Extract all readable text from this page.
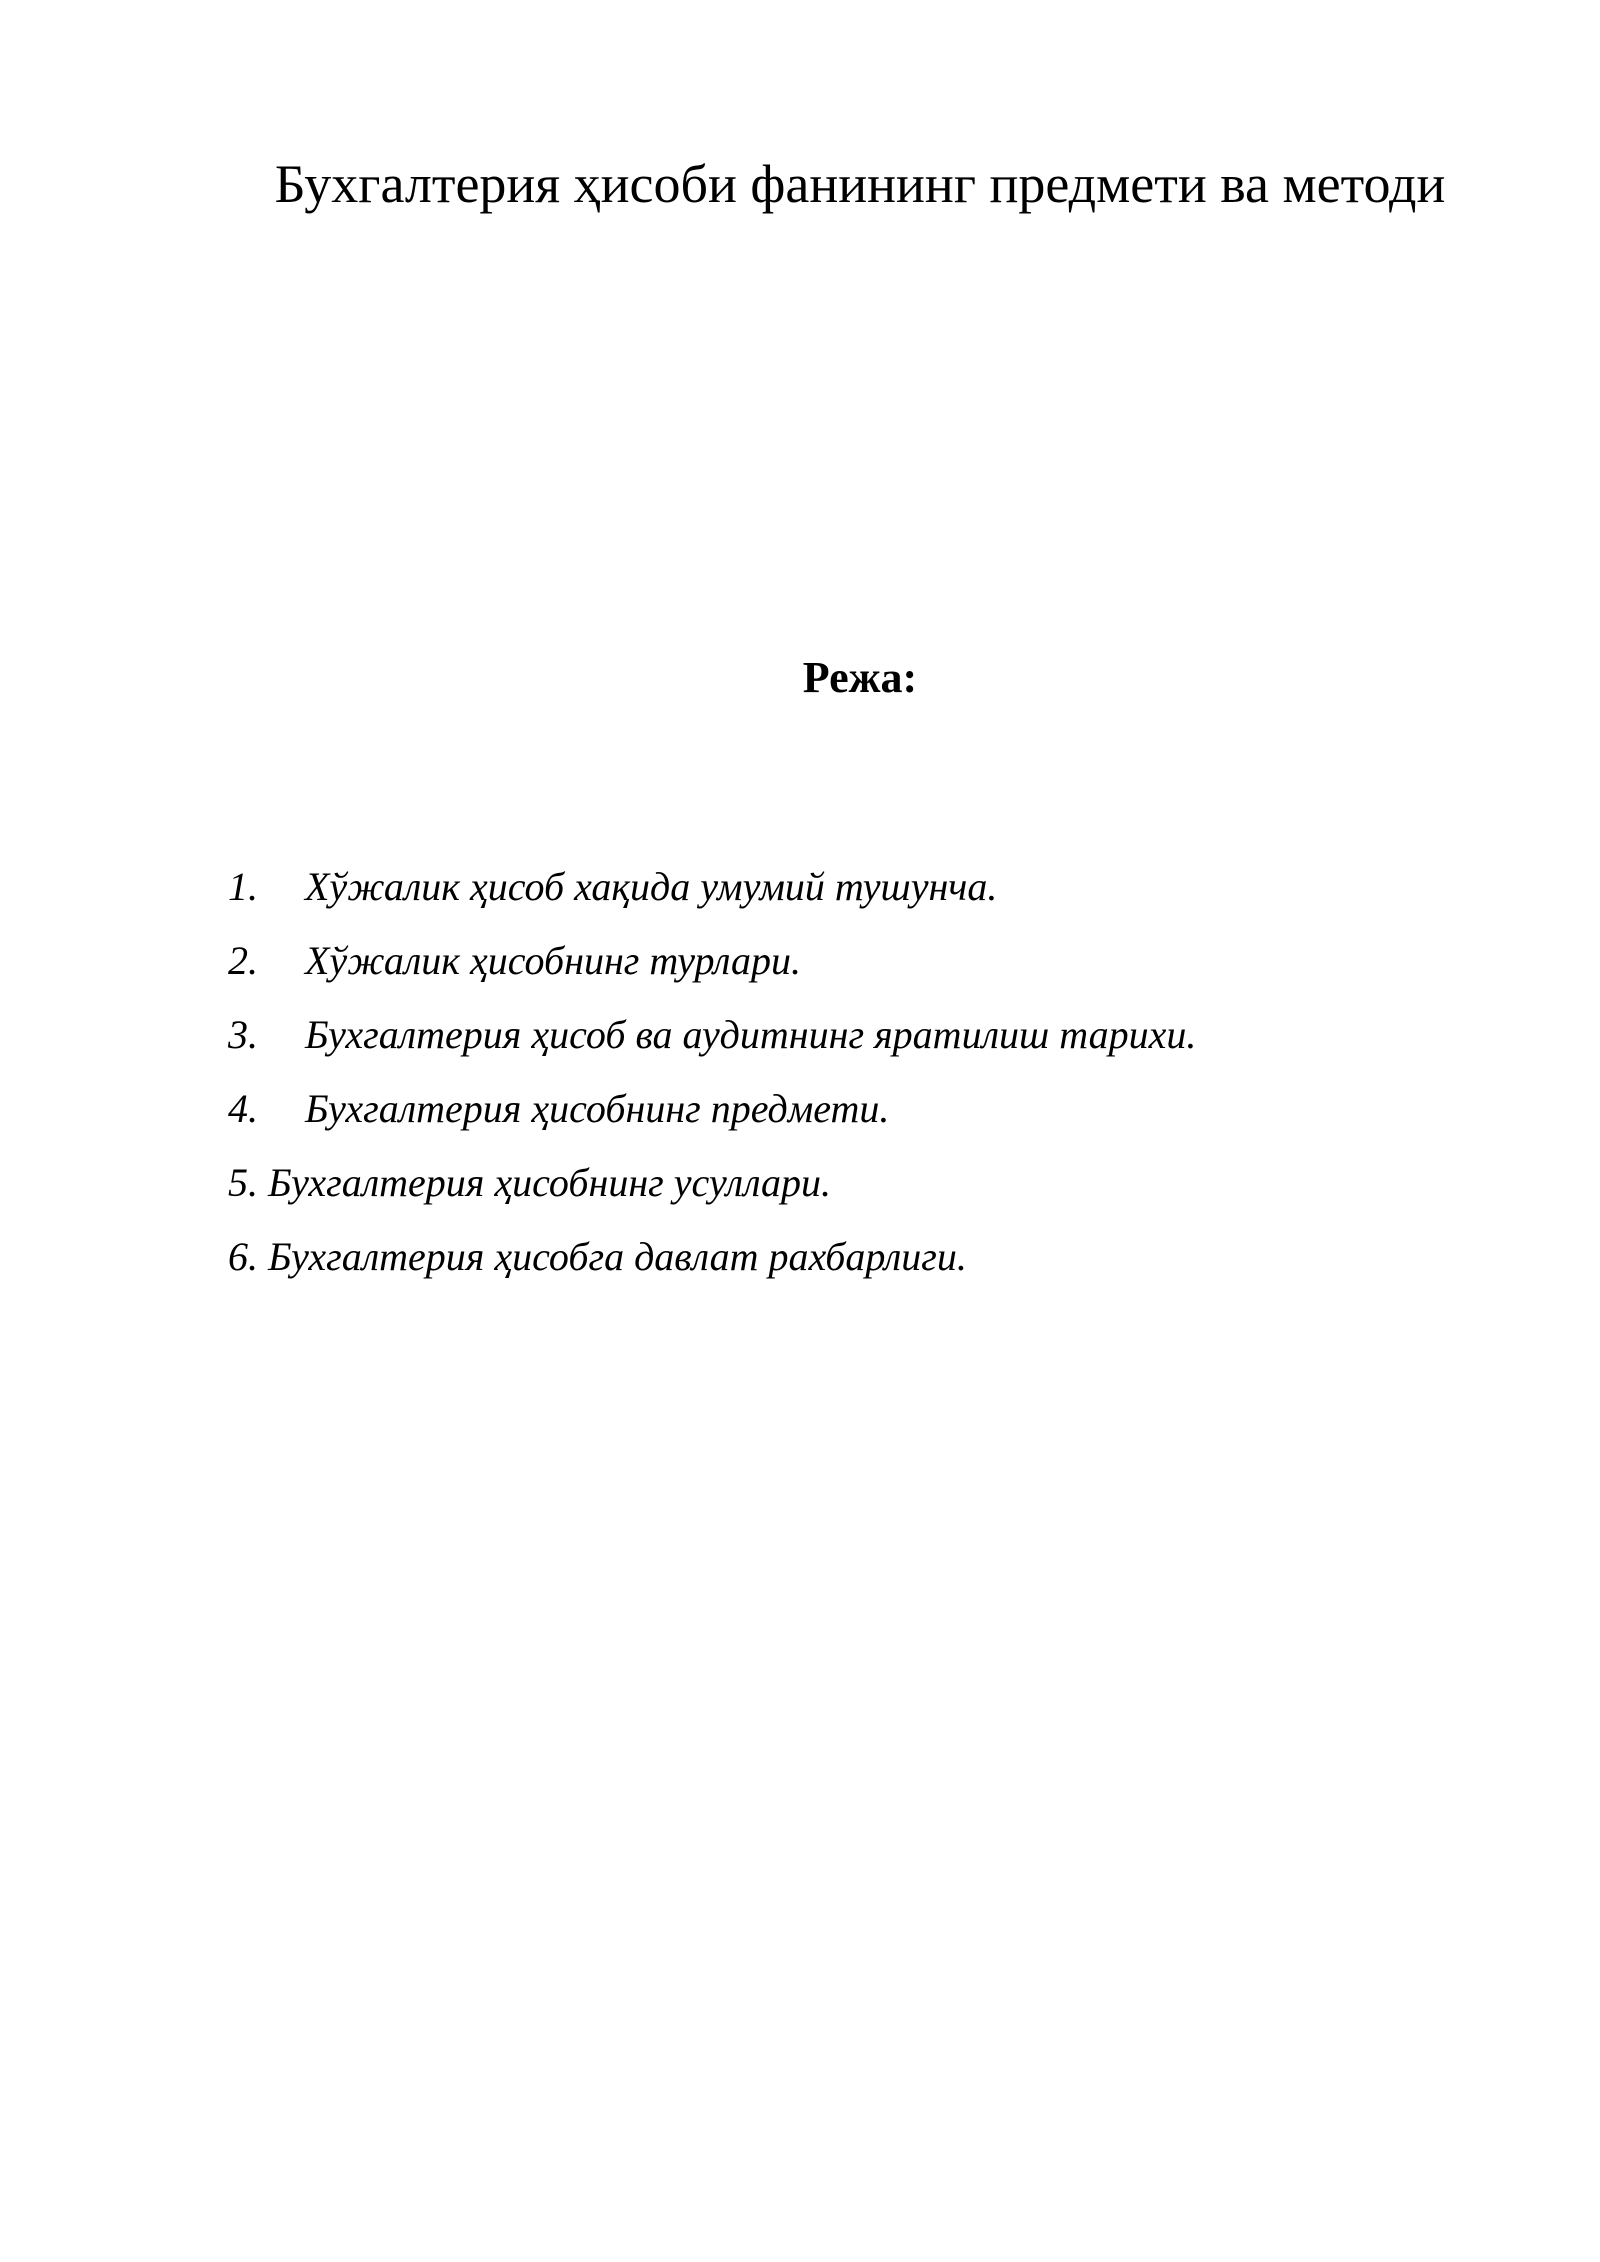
Бухгалтерия ҳисоби фанининг предмети ва методи
Режа:
1. Хўжалик ҳисоб хақида умумий тушунча.
2. Хўжалик ҳисобнинг турлари.
3. Бухгалтерия ҳисоб ва аудитнинг яратилиш тарихи.
4. Бухгалтерия ҳисобнинг предмети.
5. Бухгалтерия ҳисобнинг усуллари.
6. Бухгалтерия ҳисобга давлат рахбарлиги.
